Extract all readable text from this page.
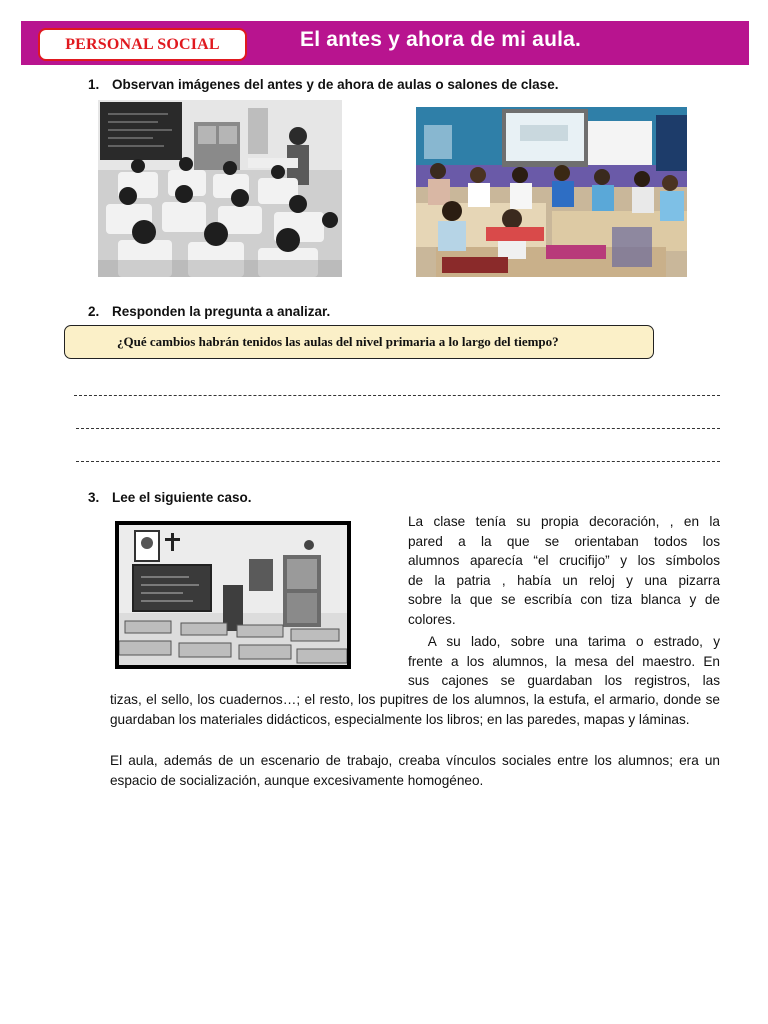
PERSONAL SOCIAL	El antes y ahora de mi aula.
1. Observan imágenes del antes y de ahora de aulas o salones de clase.
2. Responden la pregunta a analizar.
¿Qué cambios habrán tenidos las aulas del nivel primaria a lo largo del tiempo?
3. Lee el siguiente caso.
La clase tenía su propia decoración, , en la
pared a la que se orientaban todos los
alumnos aparecía “el crucifijo” y los símbolos
de la patria , había un reloj y una pizarra
sobre la que se escribía con tiza blanca y de
colores.
A su lado, sobre una tarima o estrado, y
frente a los alumnos, la mesa del maestro. En
sus cajones se guardaban los registros, las
tizas, el sello, los cuadernos…; el resto, los pupitres de los alumnos, la estufa, el armario, donde se guardaban los materiales didácticos, especialmente los libros; en las paredes, mapas y láminas.
El aula, además de un escenario de trabajo, creaba vínculos sociales entre los alumnos; era un espacio de socialización, aunque excesivamente homogéneo.
